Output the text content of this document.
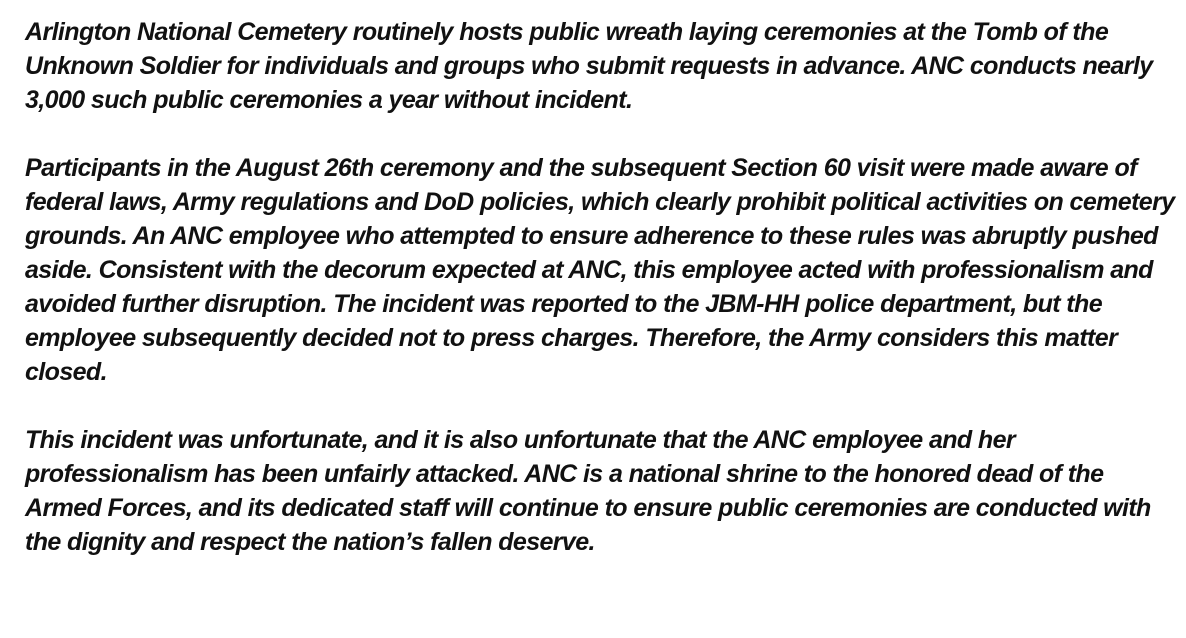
Arlington National Cemetery routinely hosts public wreath laying ceremonies at the Tomb of the Unknown Soldier for individuals and groups who submit requests in advance. ANC conducts nearly 3,000 such public ceremonies a year without incident.

Participants in the August 26th ceremony and the subsequent Section 60 visit were made aware of federal laws, Army regulations and DoD policies, which clearly prohibit political activities on cemetery grounds. An ANC employee who attempted to ensure adherence to these rules was abruptly pushed aside. Consistent with the decorum expected at ANC, this employee acted with professionalism and avoided further disruption. The incident was reported to the JBM-HH police department, but the employee subsequently decided not to press charges. Therefore, the Army considers this matter closed.

This incident was unfortunate, and it is also unfortunate that the ANC employee and her professionalism has been unfairly attacked. ANC is a national shrine to the honored dead of the Armed Forces, and its dedicated staff will continue to ensure public ceremonies are conducted with the dignity and respect the nation’s fallen deserve.
